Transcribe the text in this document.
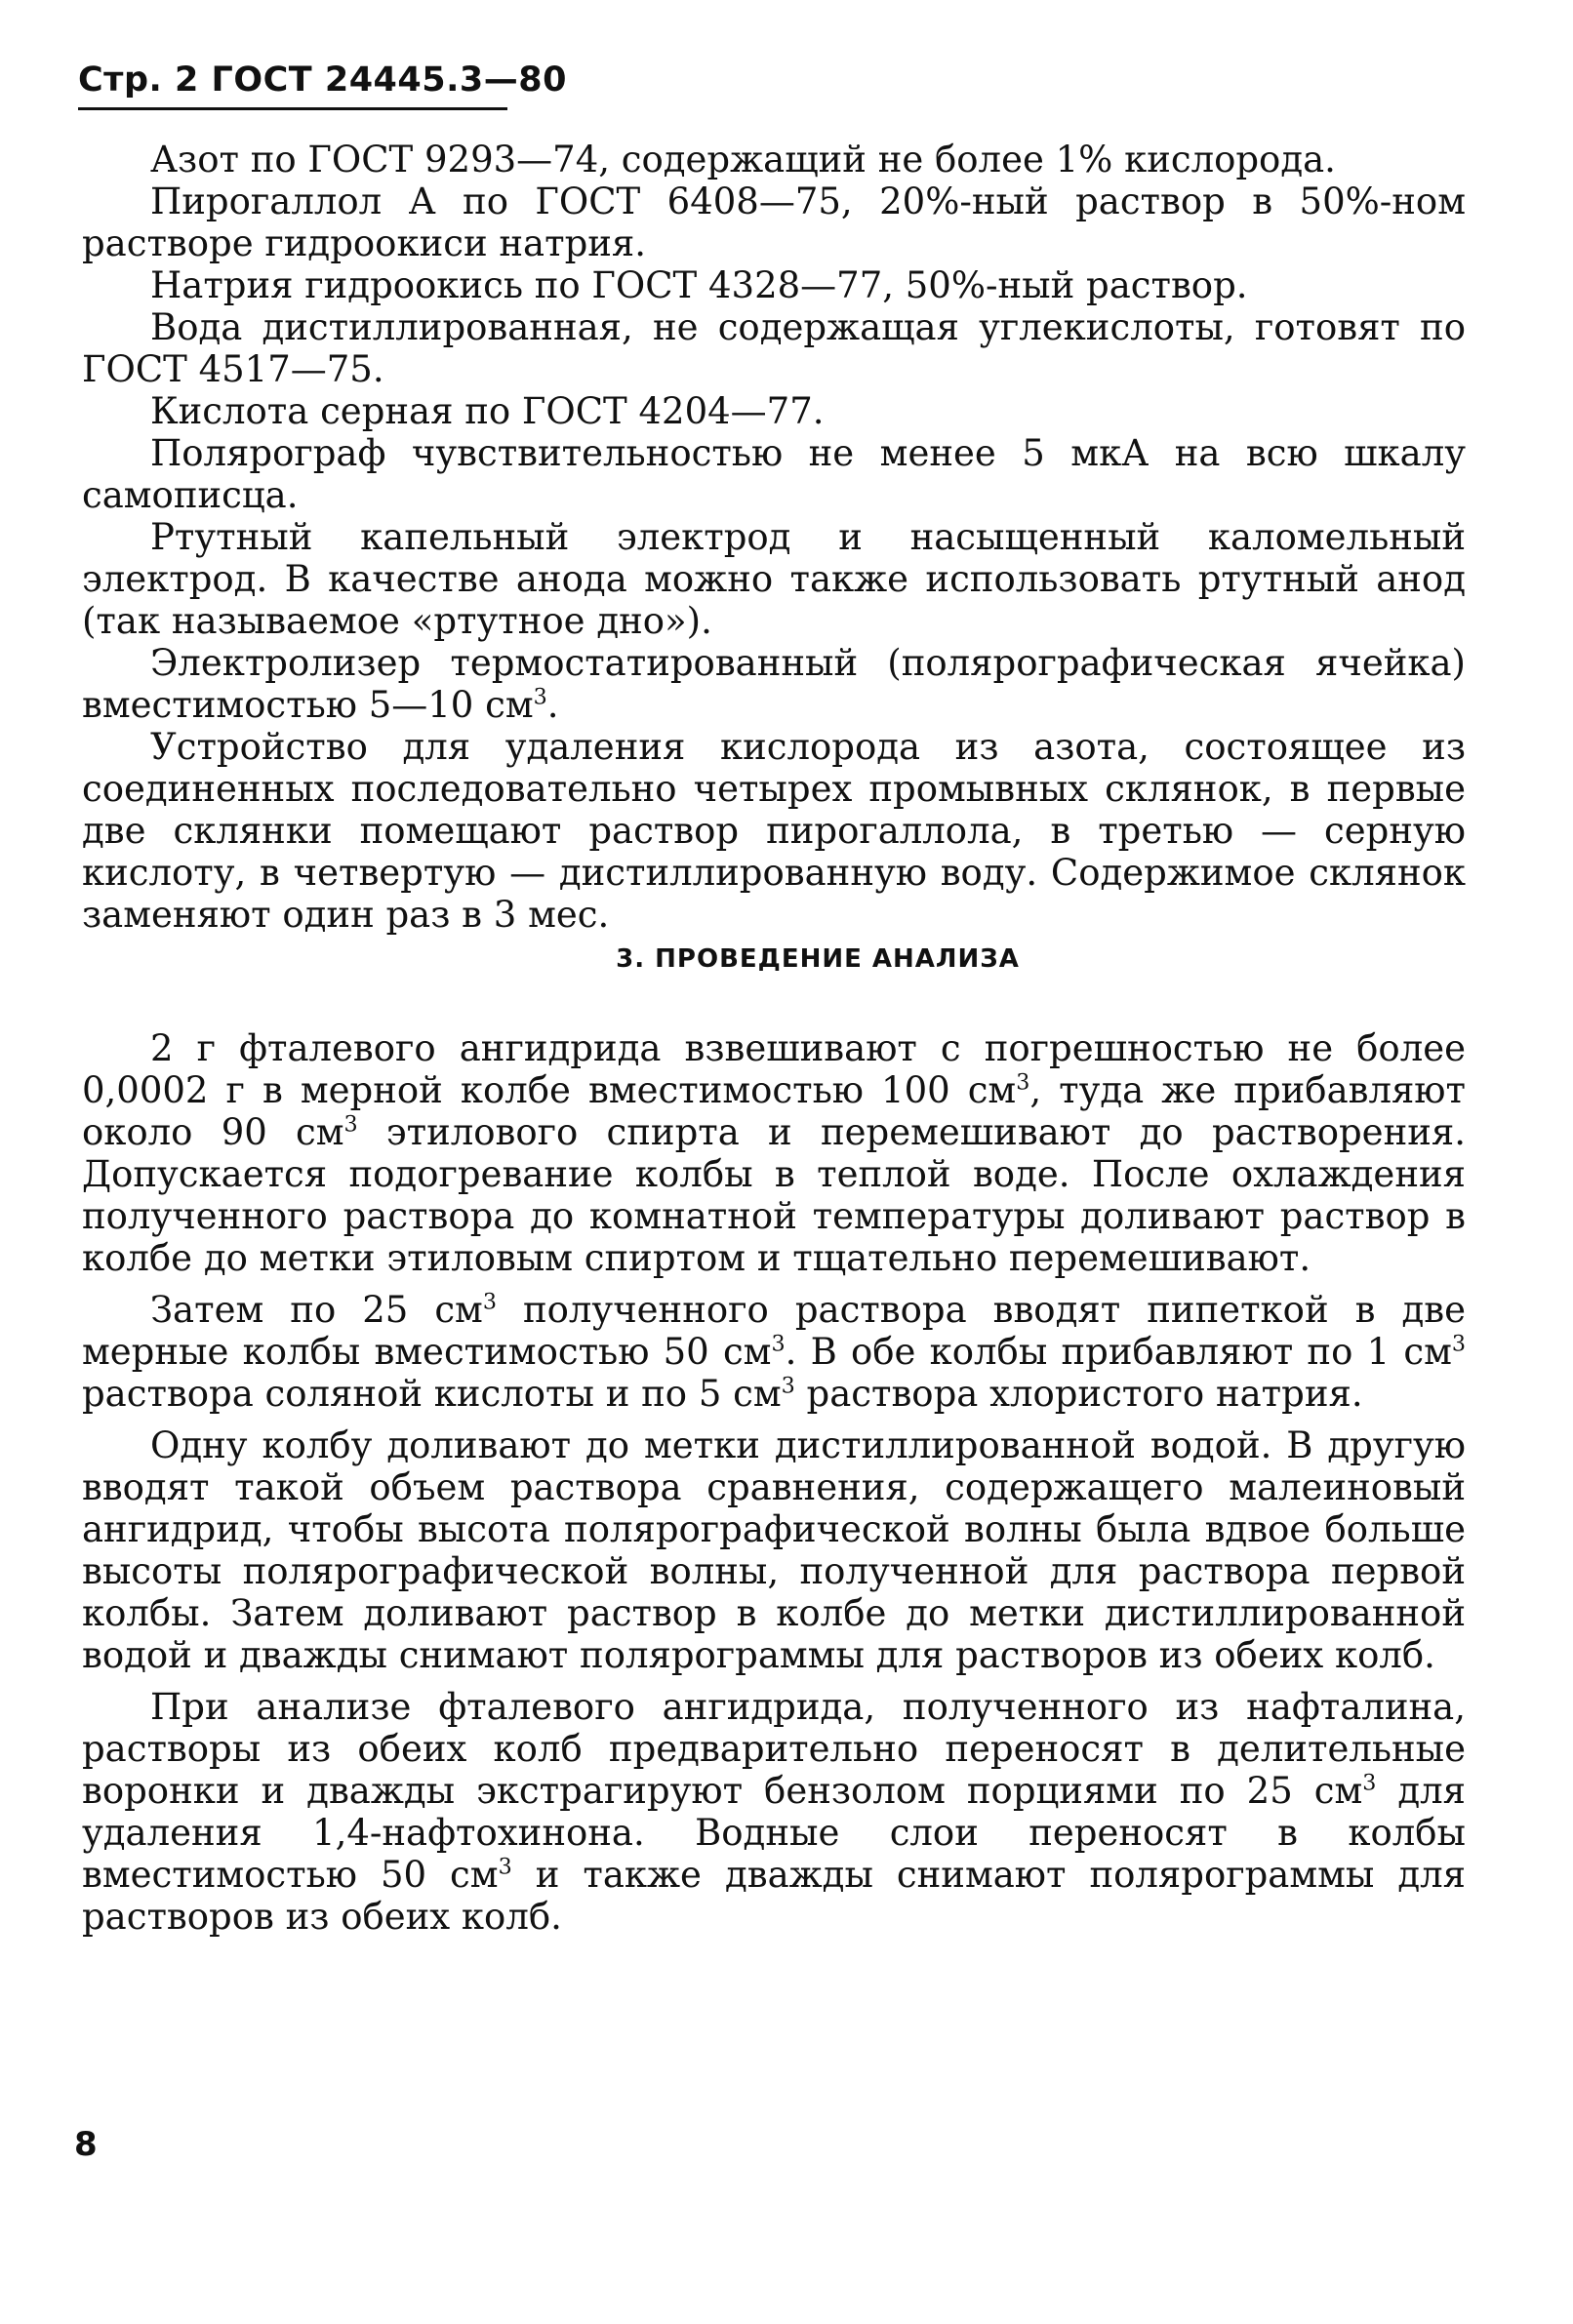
Стр. 2 ГОСТ 24445.3—80

Азот по ГОСТ 9293—74, содержащий не более 1% кислорода.

Пирогаллол А по ГОСТ 6408—75, 20%-ный раствор в 50%-ном растворе гидроокиси натрия.

Натрия гидроокись по ГОСТ 4328—77, 50%-ный раствор.

Вода дистиллированная, не содержащая углекислоты, готовят по ГОСТ 4517—75.

Кислота серная по ГОСТ 4204—77.

Полярограф чувствительностью не менее 5 мкА на всю шкалу самописца.

Ртутный капельный электрод и насыщенный каломельный электрод. В качестве анода можно также использовать ртутный анод (так называемое «ртутное дно»).

Электролизер термостатированный (полярографическая ячейка) вместимостью 5—10 $см^3$.

Устройство для удаления кислорода из азота, состоящее из соединенных последовательно четырех промывных склянок, в первые две склянки помещают раствор пирогаллола, в третью — серную кислоту, в четвертую — дистиллированную воду. Содержимое склянок заменяют один раз в 3 мес.

3. ПРОВЕДЕНИЕ АНАЛИЗА

2 г фталевого ангидрида взвешивают с погрешностью не более 0,0002 г в мерной колбе вместимостью 100 $см^3$, туда же прибавляют около 90 $см^3$ этилового спирта и перемешивают до растворения. Допускается подогревание колбы в теплой воде. После охлаждения полученного раствора до комнатной температуры доливают раствор в колбе до метки этиловым спиртом и тщательно перемешивают.

Затем по 25 $см^3$ полученного раствора вводят пипеткой в две мерные колбы вместимостью 50 $см^3$. В обе колбы прибавляют по 1 $см^3$ раствора соляной кислоты и по 5 $см^3$ раствора хлористого натрия.

Одну колбу доливают до метки дистиллированной водой. В другую вводят такой объем раствора сравнения, содержащего малеиновый ангидрид, чтобы высота полярографической волны была вдвое больше высоты полярографической волны, полученной для раствора первой колбы. Затем доливают раствор в колбе до метки дистиллированной водой и дважды снимают полярограммы для растворов из обеих колб.

При анализе фталевого ангидрида, полученного из нафталина, растворы из обеих колб предварительно переносят в делительные воронки и дважды экстрагируют бензолом порциями по 25 $см^3$ для удаления 1,4-нафтохинона. Водные слои переносят в колбы вместимостью 50 $см^3$ и также дважды снимают полярограммы для растворов из обеих колб.

8
